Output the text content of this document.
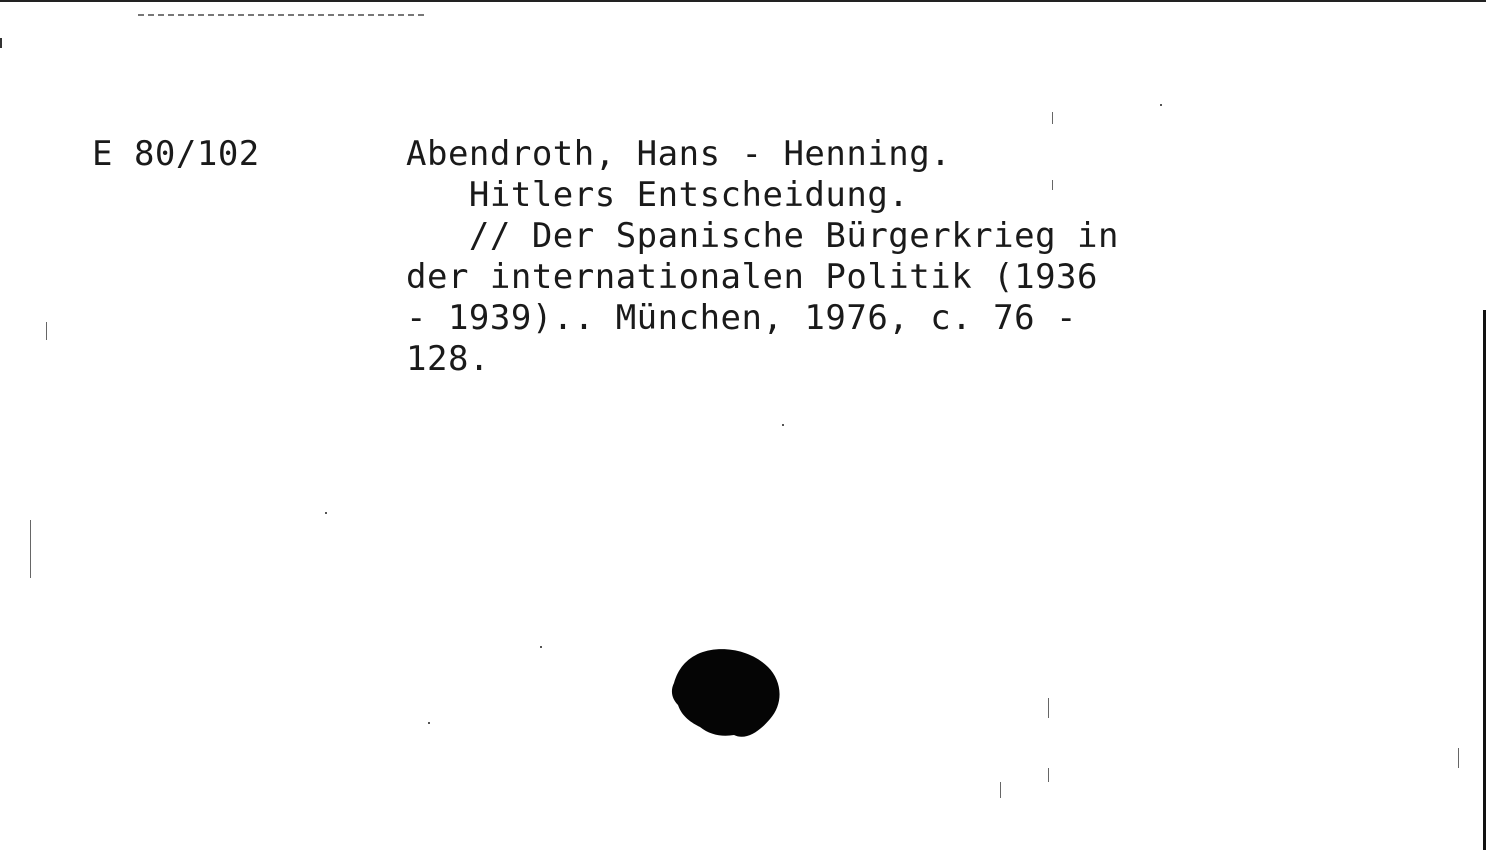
E 80/102	Abendroth, Hans - Henning.
Hitlers Entscheidung.
// Der Spanische Bürgerkrieg in
der internationalen Politik (1936
- 1939).. München, 1976, c. 76 -
128.
